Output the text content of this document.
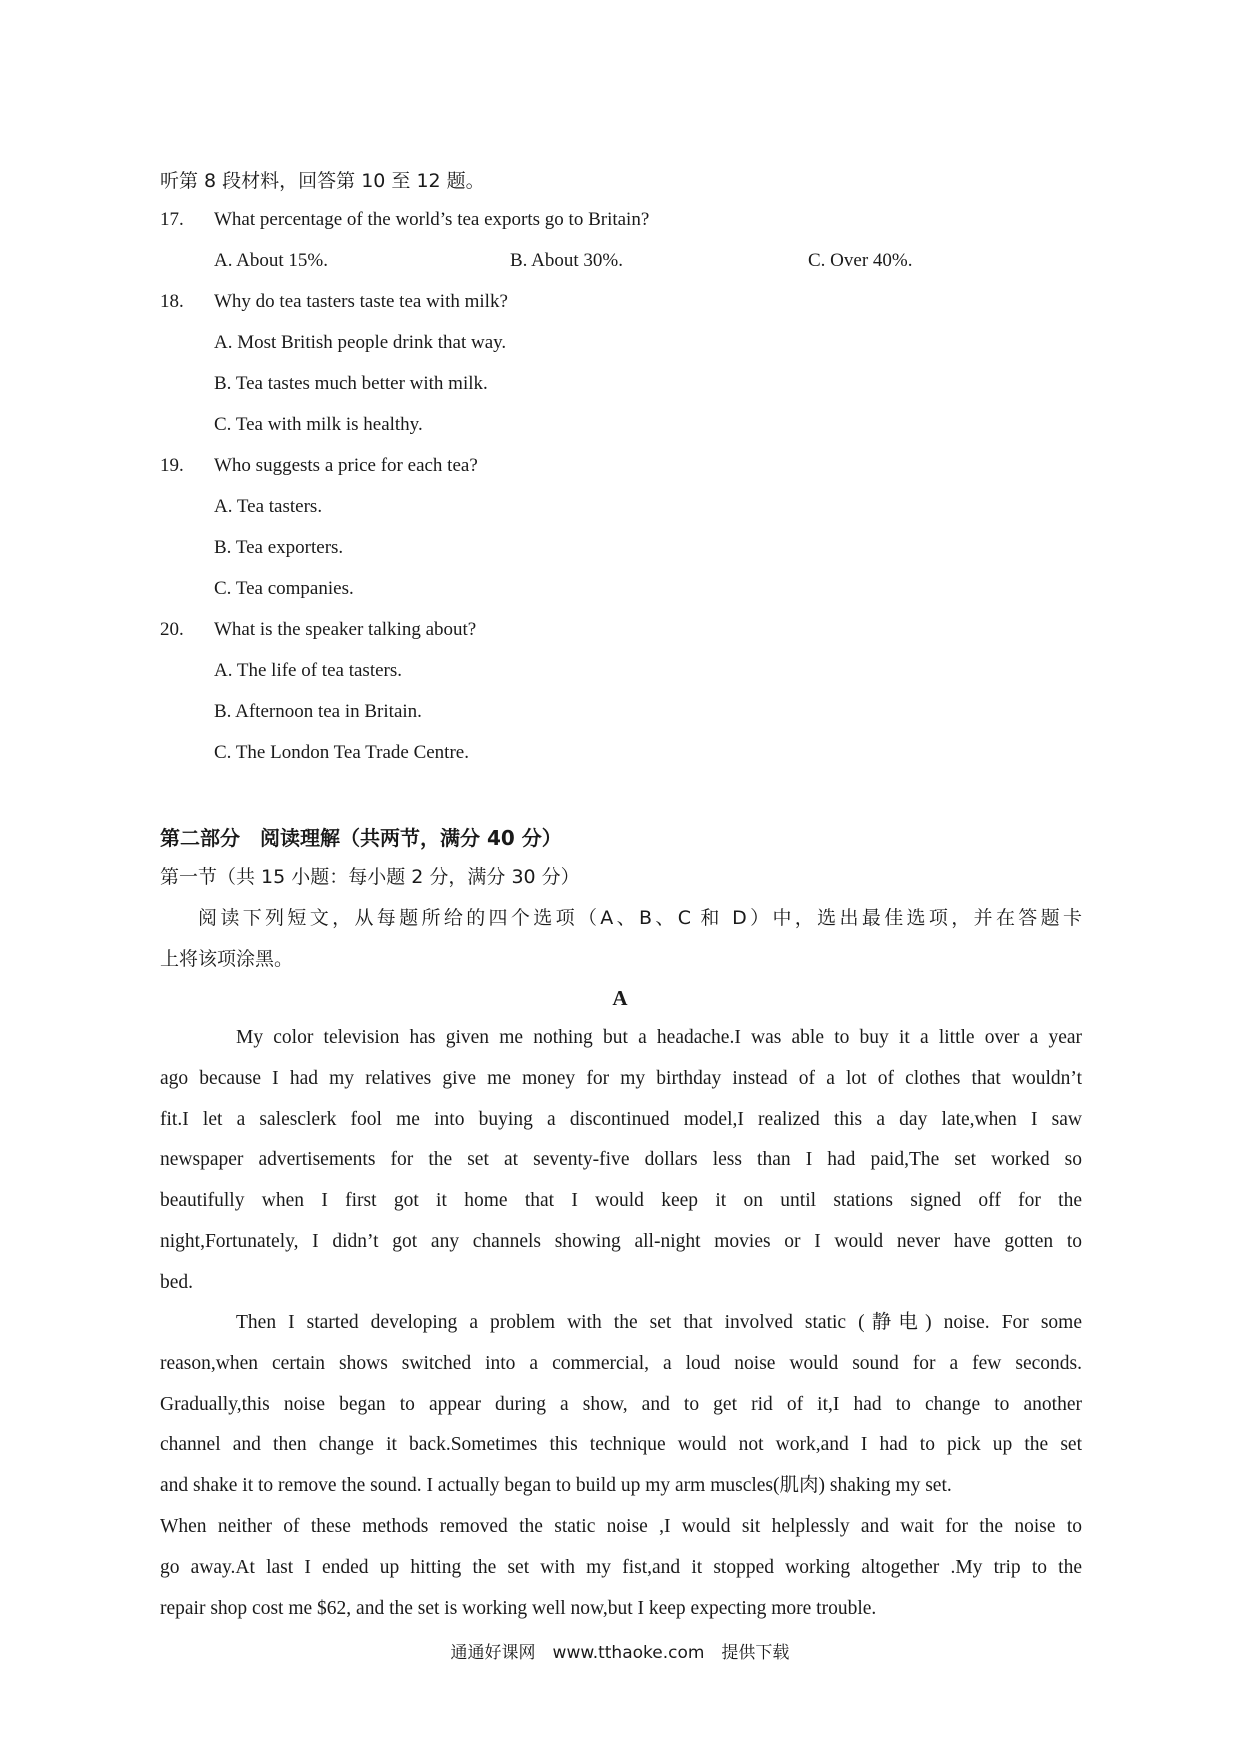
听第 8 段材料，回答第 10 至 12 题。
17. What percentage of the world’s tea exports go to Britain?
A. About 15%.	B. About 30%.	C. Over 40%.
18. Why do tea tasters taste tea with milk?
A. Most British people drink that way.
B. Tea tastes much better with milk.
C. Tea with milk is healthy.
19. Who suggests a price for each tea?
A. Tea tasters.
B. Tea exporters.
C. Tea companies.
20. What is the speaker talking about?
A. The life of tea tasters.
B. Afternoon tea in Britain.
C. The London Tea Trade Centre.
第二部分　阅读理解（共两节，满分 40 分）
第一节（共 15 小题：每小题 2 分，满分 30 分）
阅读下列短文，从每题所给的四个选项（A、B、C 和 D）中，选出最佳选项，并在答题卡
上将该项涂黑。
A
My color television has given me nothing but a headache.I was able to buy it a little over a year
ago because I had my relatives give me money for my birthday instead of a lot of clothes that wouldn’t
fit.I let a salesclerk fool me into buying a discontinued model,I realized this a day late,when I saw
newspaper advertisements for the set at seventy-five dollars less than I had paid,The set worked so
beautifully when I first got it home that I would keep it on until stations signed off for the
night,Fortunately, I didn’t got any channels showing all-night movies or I would never have gotten to
bed.
Then I started developing a problem with the set that involved static (静电) noise. For some
reason,when certain shows switched into a commercial, a loud noise would sound for a few seconds.
Gradually,this noise began to appear during a show, and to get rid of it,I had to change to another
channel and then change it back.Sometimes this technique would not work,and I had to pick up the set
and shake it to remove the sound. I actually began to build up my arm muscles(肌肉) shaking my set.
When neither of these methods removed the static noise ,I would sit helplessly and wait for the noise to
go away.At last I ended up hitting the set with my fist,and it stopped working altogether .My trip to the
repair shop cost me $62, and the set is working well now,but I keep expecting more trouble.
通通好课网　www.tthaoke.com　提供下载
